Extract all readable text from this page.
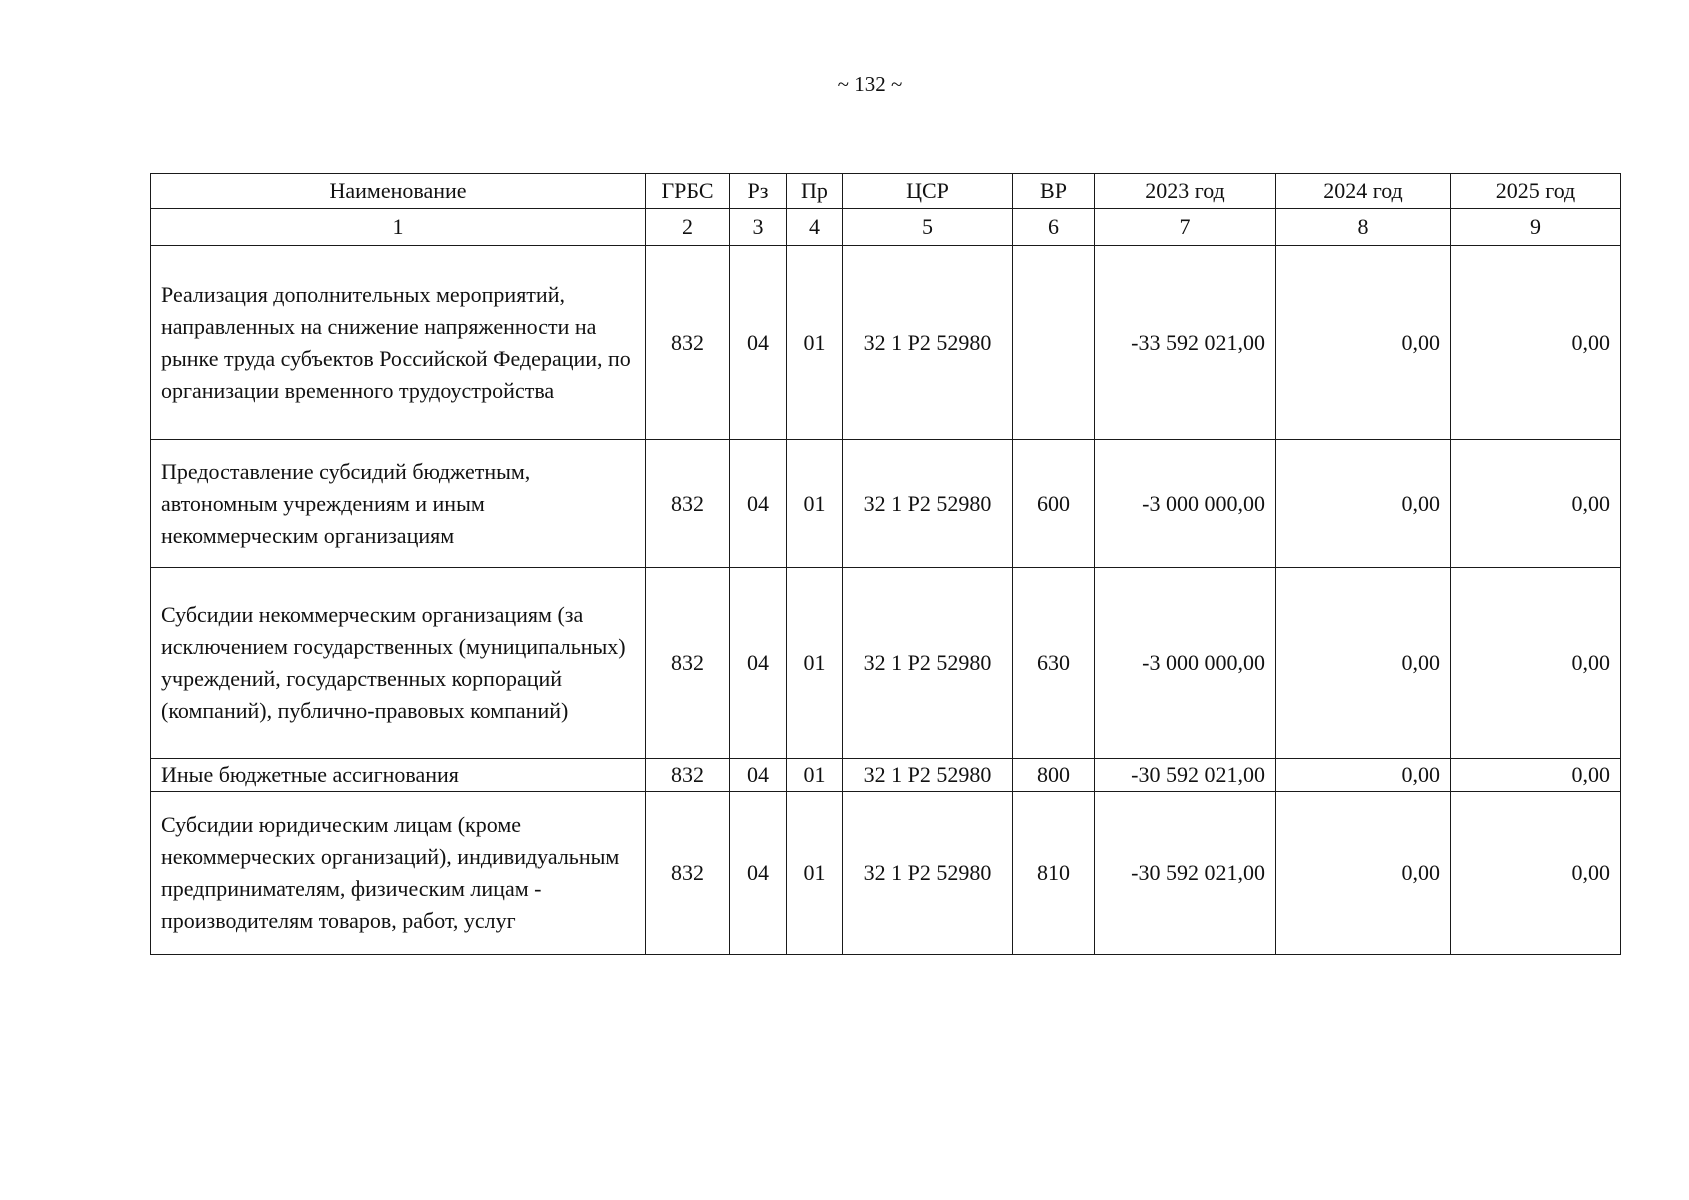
~ 132 ~
Наименование	ГРБС	Рз	Пр	ЦСР	ВР	2023 год	2024 год	2025 год
1	2	3	4	5	6	7	8	9
Реализация дополнительных мероприятий, направленных на снижение напряженности на рынке труда субъектов Российской Федерации, по организации временного трудоустройства	832	04	01	32 1 P2 52980		-33 592 021,00	0,00	0,00
Предоставление субсидий бюджетным, автономным учреждениям и иным некоммерческим организациям	832	04	01	32 1 P2 52980	600	-3 000 000,00	0,00	0,00
Субсидии некоммерческим организациям (за исключением государственных (муниципальных) учреждений, государственных корпораций (компаний), публично-правовых компаний)	832	04	01	32 1 P2 52980	630	-3 000 000,00	0,00	0,00
Иные бюджетные ассигнования	832	04	01	32 1 P2 52980	800	-30 592 021,00	0,00	0,00
Субсидии юридическим лицам (кроме некоммерческих организаций), индивидуальным предпринимателям, физическим лицам - производителям товаров, работ, услуг	832	04	01	32 1 P2 52980	810	-30 592 021,00	0,00	0,00
